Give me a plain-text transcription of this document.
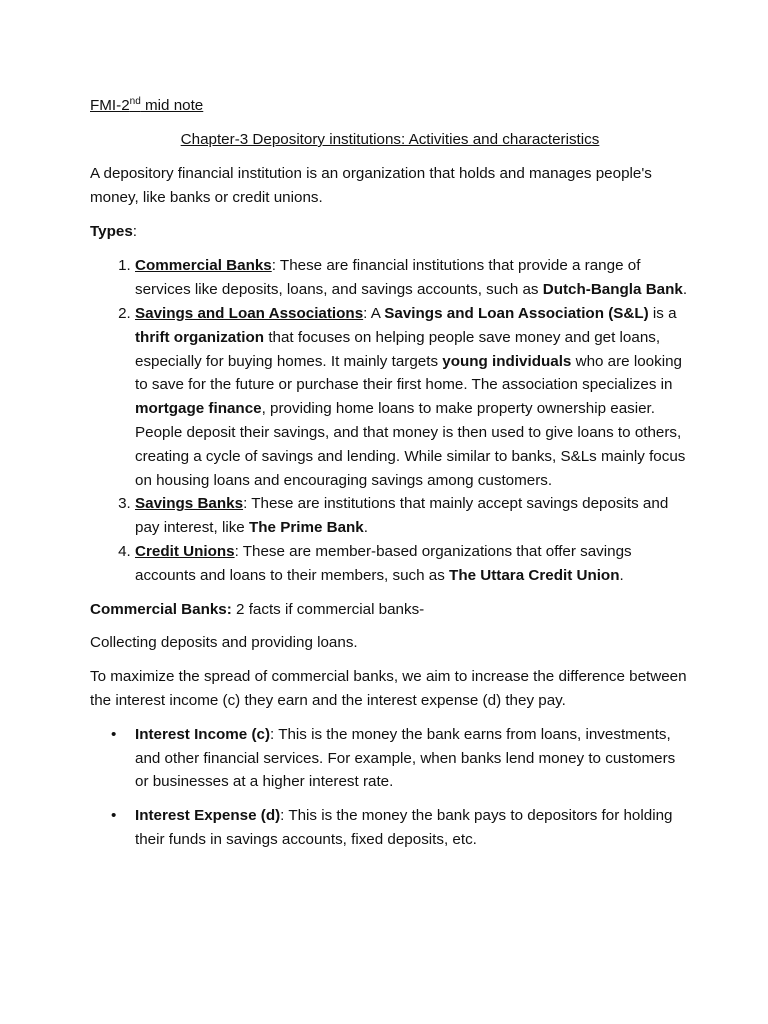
FMI-2nd mid note
Chapter-3 Depository institutions: Activities and characteristics

A depository financial institution is an organization that holds and manages people's money, like banks or credit unions.

Types:

1. Commercial Banks: These are financial institutions that provide a range of services like deposits, loans, and savings accounts, such as Dutch-Bangla Bank.
2. Savings and Loan Associations: A Savings and Loan Association (S&L) is a thrift organization that focuses on helping people save money and get loans, especially for buying homes. It mainly targets young individuals who are looking to save for the future or purchase their first home. The association specializes in mortgage finance, providing home loans to make property ownership easier. People deposit their savings, and that money is then used to give loans to others, creating a cycle of savings and lending. While similar to banks, S&Ls mainly focus on housing loans and encouraging savings among customers.
3. Savings Banks: These are institutions that mainly accept savings deposits and pay interest, like The Prime Bank.
4. Credit Unions: These are member-based organizations that offer savings accounts and loans to their members, such as The Uttara Credit Union.

Commercial Banks: 2 facts if commercial banks-

Collecting deposits and providing loans.

To maximize the spread of commercial banks, we aim to increase the difference between the interest income (c) they earn and the interest expense (d) they pay.

• Interest Income (c): This is the money the bank earns from loans, investments, and other financial services. For example, when banks lend money to customers or businesses at a higher interest rate.
• Interest Expense (d): This is the money the bank pays to depositors for holding their funds in savings accounts, fixed deposits, etc.
